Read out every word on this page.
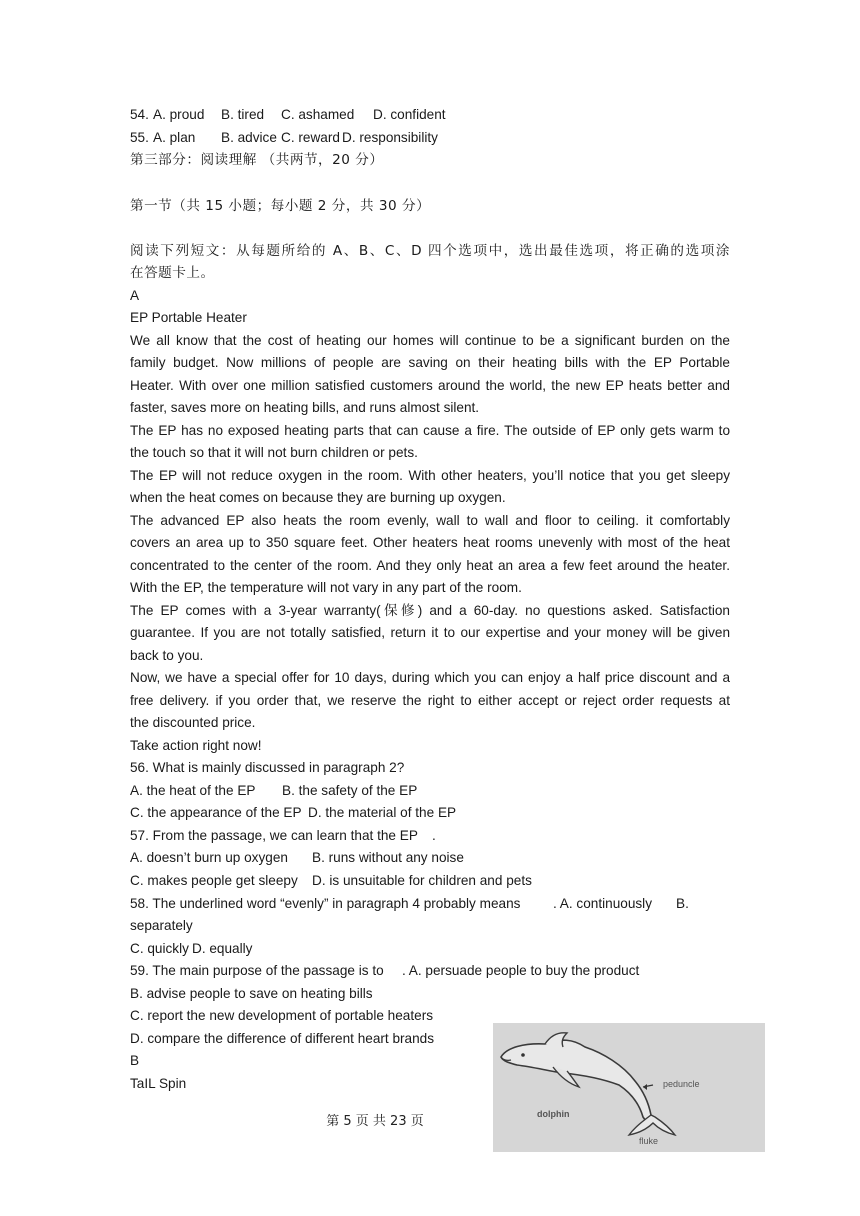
54. A. proud B. tired C. ashamed D. confident
55. A. plan B. advice C. reward D. responsibility
第三部分：阅读理解 （共两节，20 分）
第一节（共 15 小题；每小题 2 分，共 30 分）
阅读下列短文：从每题所给的 A、B、C、D 四个选项中，选出最佳选项，将正确的选项涂
在答题卡上。
A
EP Portable Heater
We all know that the cost of heating our homes will continue to be a significant burden on the
family budget. Now millions of people are saving on their heating bills with the EP Portable
Heater. With over one million satisfied customers around the world, the new EP heats better and
faster, saves more on heating bills, and runs almost silent.
The EP has no exposed heating parts that can cause a fire. The outside of EP only gets warm to
the touch so that it will not burn children or pets.
The EP will not reduce oxygen in the room. With other heaters, you’ll notice that you get sleepy
when the heat comes on because they are burning up oxygen.
The advanced EP also heats the room evenly, wall to wall and floor to ceiling. it comfortably
covers an area up to 350 square feet. Other heaters heat rooms unevenly with most of the heat
concentrated to the center of the room. And they only heat an area a few feet around the heater.
With the EP, the temperature will not vary in any part of the room.
The EP comes with a 3-year warranty(保修) and a 60-day. no questions asked. Satisfaction
guarantee. If you are not totally satisfied, return it to our expertise and your money will be given
back to you.
Now, we have a special offer for 10 days, during which you can enjoy a half price discount and a
free delivery. if you order that, we reserve the right to either accept or reject order requests at
the discounted price.
Take action right now!
56. What is mainly discussed in paragraph 2?
A. the heat of the EP B. the safety of the EP
C. the appearance of the EP D. the material of the EP
57. From the passage, we can learn that the EP .
A. doesn’t burn up oxygen B. runs without any noise
C. makes people get sleepy D. is unsuitable for children and pets
58. The underlined word “evenly” in paragraph 4 probably means . A. continuously B.
separately
C. quickly D. equally
59. The main purpose of the passage is to . A. persuade people to buy the product
B. advise people to save on heating bills
C. report the new development of portable heaters
D. compare the difference of different heart brands
B
TaIL Spin	peduncle
dolphin
fluke
第 5 页 共 23 页
